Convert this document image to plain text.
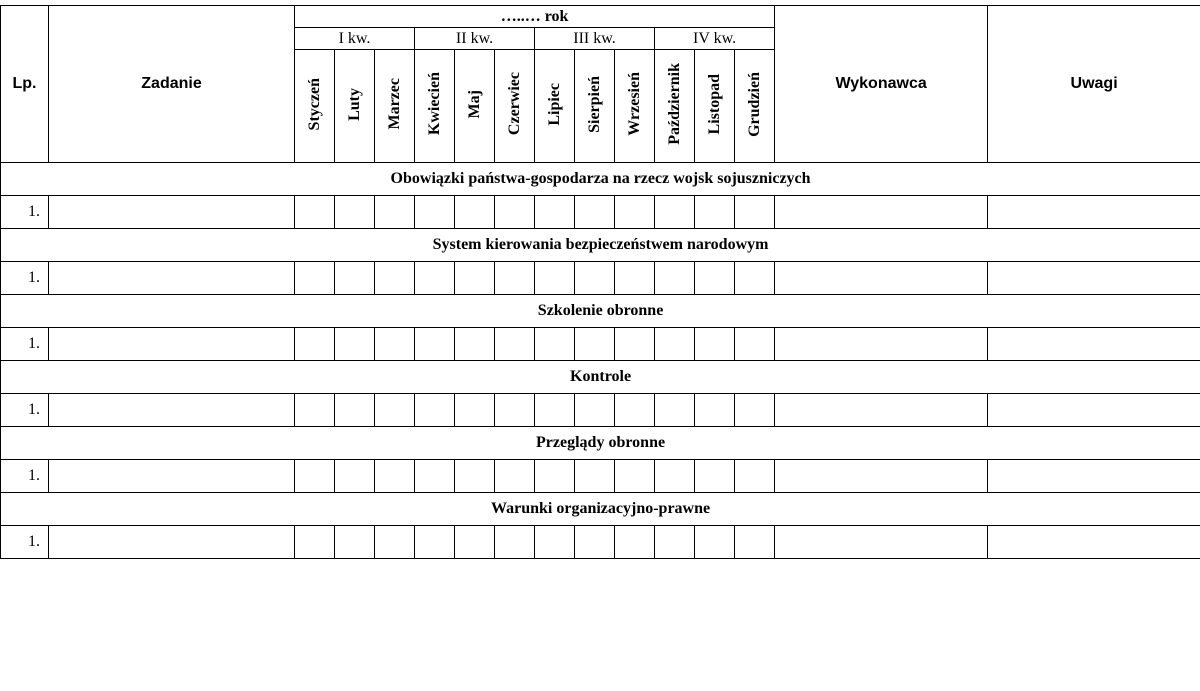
Lp.	Zadanie	…..… rok												Wykonawca	Uwagi
		I kw.			II kw.			III kw.			IV kw.				
		Styczeń	Luty	Marzec	Kwiecień	Maj	Czerwiec	Lipiec	Sierpień	Wrzesień	Październik	Listopad	Grudzień		
Obowiązki państwa-gospodarza na rzecz wojsk sojuszniczych															
1.															
System kierowania bezpieczeństwem narodowym															
1.															
Szkolenie obronne															
1.															
Kontrole															
1.															
Przeglądy obronne															
1.															
Warunki organizacyjno-prawne															
1.															
